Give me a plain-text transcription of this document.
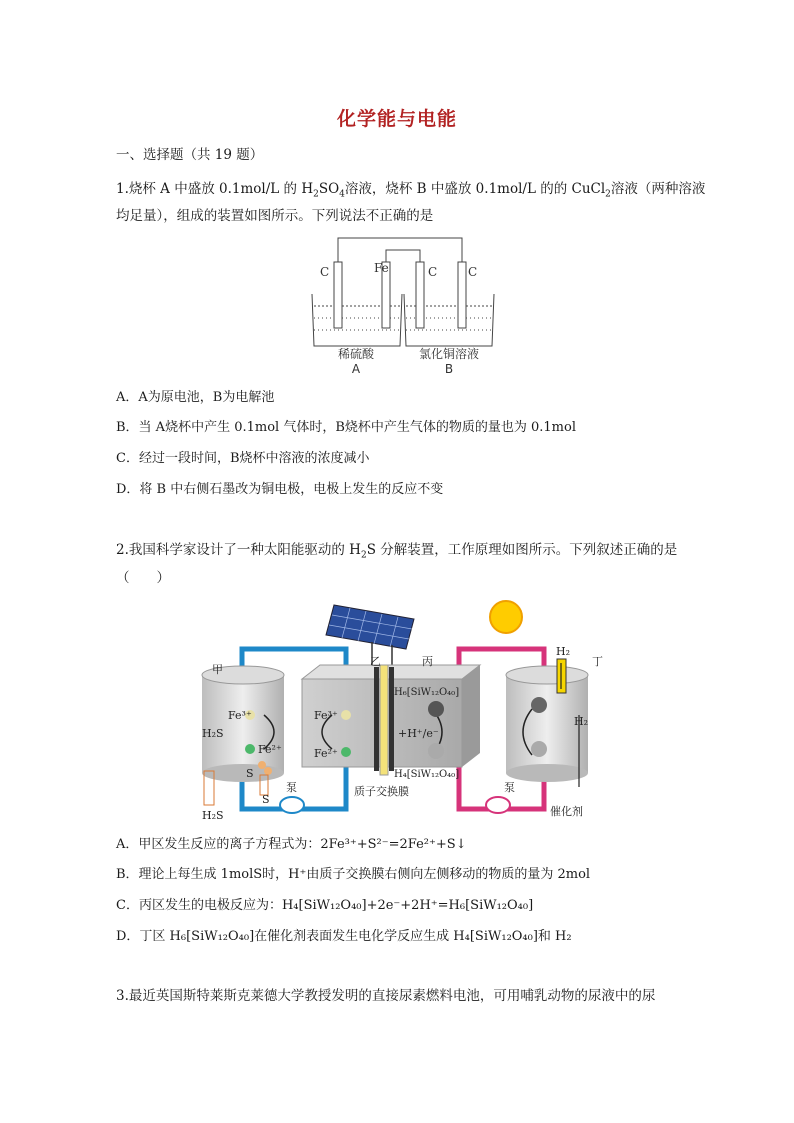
化学能与电能
一、选择题（共 19 题）
1.烧杯 A 中盛放 0.1mol/L 的 $H_2SO_4$溶液，烧杯 B 中盛放 0.1mol/L 的的 CuCl$_2$溶液（两种溶液
均足量），组成的装置如图所示。下列说法不正确的是
C	Fe	C	C
稀硫酸
A
氯化铜溶液
B
A．A为原电池，B为电解池
B．当 A烧杯中产生 0.1mol 气体时，B烧杯中产生气体的物质的量也为 0.1mol
C．经过一段时间，B烧杯中溶液的浓度减小
D．将 B 中右侧石墨改为铜电极，电极上发生的反应不变
2.我国科学家设计了一种太阳能驱动的 $H_2S$ 分解装置，工作原理如图所示。下列叙述正确的是
（　　）
甲
乙	丙	丁
Fe³⁺
H₂S
Fe²⁺
S
S
Fe³⁺
Fe²⁺
+H⁺/e⁻
H₆[SiW₁₂O₄₀]
H₄[SiW₁₂O₄₀]
H₂
H₂
H₂S
泵	泵
质子交换膜
催化剂
A．甲区发生反应的离子方程式为：2Fe³⁺+S²⁻=2Fe²⁺+S↓
B．理论上每生成 1molS时，H⁺由质子交换膜右侧向左侧移动的物质的量为 2mol
C．丙区发生的电极反应为：H₄[SiW₁₂O₄₀]+2e⁻+2H⁺=H₆[SiW₁₂O₄₀]
D．丁区 H₆[SiW₁₂O₄₀]在催化剂表面发生电化学反应生成 H₄[SiW₁₂O₄₀]和 H₂
3.最近英国斯特莱斯克莱德大学教授发明的直接尿素燃料电池，可用哺乳动物的尿液中的尿
